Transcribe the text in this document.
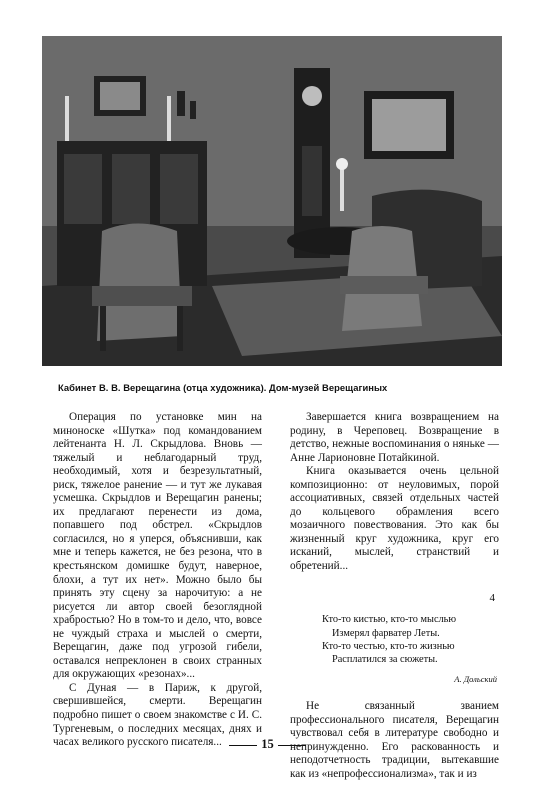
Кабинет В. В. Верещагина (отца художника). Дом-музей Верещагиных

Операция по установке мин на миноноске «Шутка» под командованием лейтенанта Н. Л. Скрыдлова. Вновь — тяжелый и неблагодарный труд, необходимый, хотя и безрезультатный, риск, тяжелое ранение — и тут же лукавая усмешка. Скрыдлов и Верещагин ранены; их предлагают перенести из дома, попавшего под обстрел. «Скрыдлов согласился, но я уперся, объяснивши, как мне и теперь кажется, не без резона, что в крестьянском домишке будут, наверное, блохи, а тут их нет». Можно было бы принять эту сцену за нарочитую: а не рисуется ли автор своей безоглядной храбростью? Но в том-то и дело, что, вовсе не чуждый страха и мыслей о смерти, Верещагин, даже под угрозой гибели, оставался непреклонен в своих странных для окружающих «резонах»...

С Дуная — в Париж, к другой, свершившейся, смерти. Верещагин подробно пишет о своем знакомстве с И. С. Тургеневым, о последних месяцах, днях и часах великого русского писателя...

Завершается книга возвращением на родину, в Череповец. Возвращение в детство, нежные воспоминания о няньке — Анне Ларионовне Потайкиной.

Книга оказывается очень цельной композиционно: от неуловимых, порой ассоциативных, связей отдельных частей до кольцевого обрамления всего мозаичного повествования. Это как бы жизненный круг художника, круг его исканий, мыслей, странствий и обретений...

4
Кто-то кистью, кто-то мыслью
Измерял фарватер Леты.
Кто-то честью, кто-то жизнью
Расплатился за сюжеты.
А. Дольский

Не связанный званием профессионального писателя, Верещагин чувствовал себя в литературе свободно и непринужденно. Его раскованность и неподотчетность традиции, вытекавшие как из «непрофессионализма», так и из

15
